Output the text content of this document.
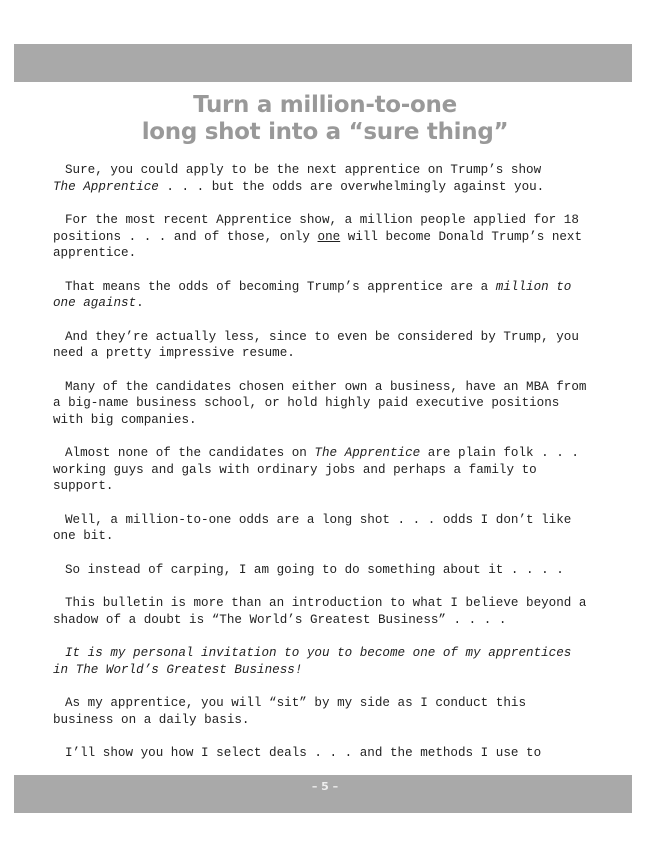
Turn a million-to-one
long shot into a “sure thing”

Sure, you could apply to be the next apprentice on Trump’s show
The Apprentice . . . but the odds are overwhelmingly against you.

For the most recent Apprentice show, a million people applied for 18 positions . . . and of those, only one will become Donald Trump’s next apprentice.

That means the odds of becoming Trump’s apprentice are a million to one against.

And they’re actually less, since to even be considered by Trump, you need a pretty impressive resume.

Many of the candidates chosen either own a business, have an MBA from a big-name business school, or hold highly paid executive positions with big companies.

Almost none of the candidates on The Apprentice are plain folk . . . working guys and gals with ordinary jobs and perhaps a family to support.

Well, a million-to-one odds are a long shot . . . odds I don’t like one bit.

So instead of carping, I am going to do something about it . . . .

This bulletin is more than an introduction to what I believe beyond a shadow of a doubt is “The World’s Greatest Business” . . . .

It is my personal invitation to you to become one of my apprentices in The World’s Greatest Business!

As my apprentice, you will “sit” by my side as I conduct this business on a daily basis.

I’ll show you how I select deals . . . and the methods I use to

– 5 –
